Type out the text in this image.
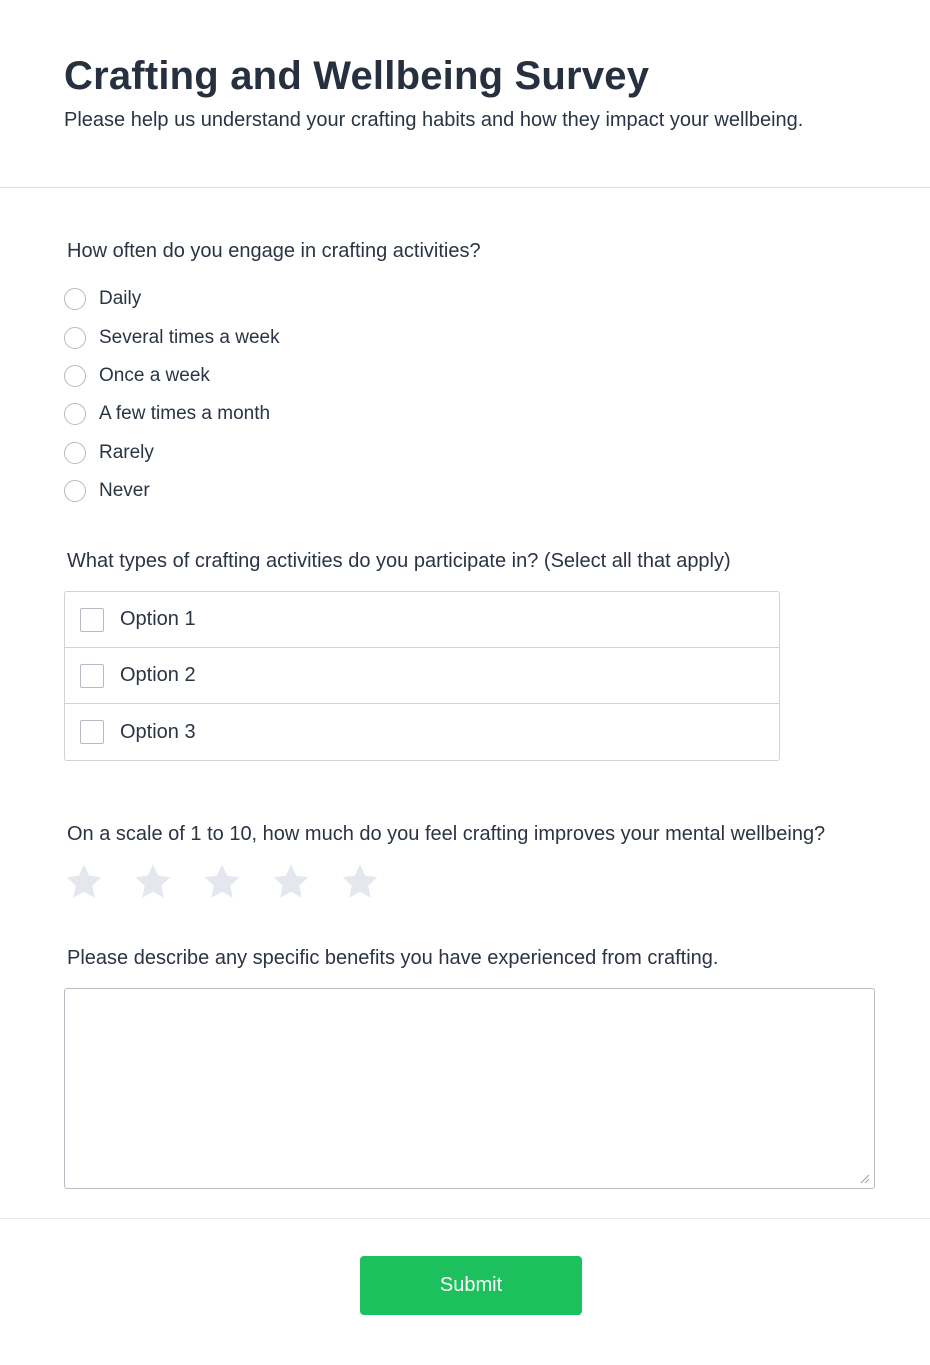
Crafting and Wellbeing Survey

Please help us understand your crafting habits and how they impact your wellbeing.

How often do you engage in crafting activities?
Daily
Several times a week
Once a week
A few times a month
Rarely
Never
What types of crafting activities do you participate in? (Select all that apply)
Option 1
Option 2
Option 3
On a scale of 1 to 10, how much do you feel crafting improves your mental wellbeing?
Please describe any specific benefits you have experienced from crafting.
Submit
